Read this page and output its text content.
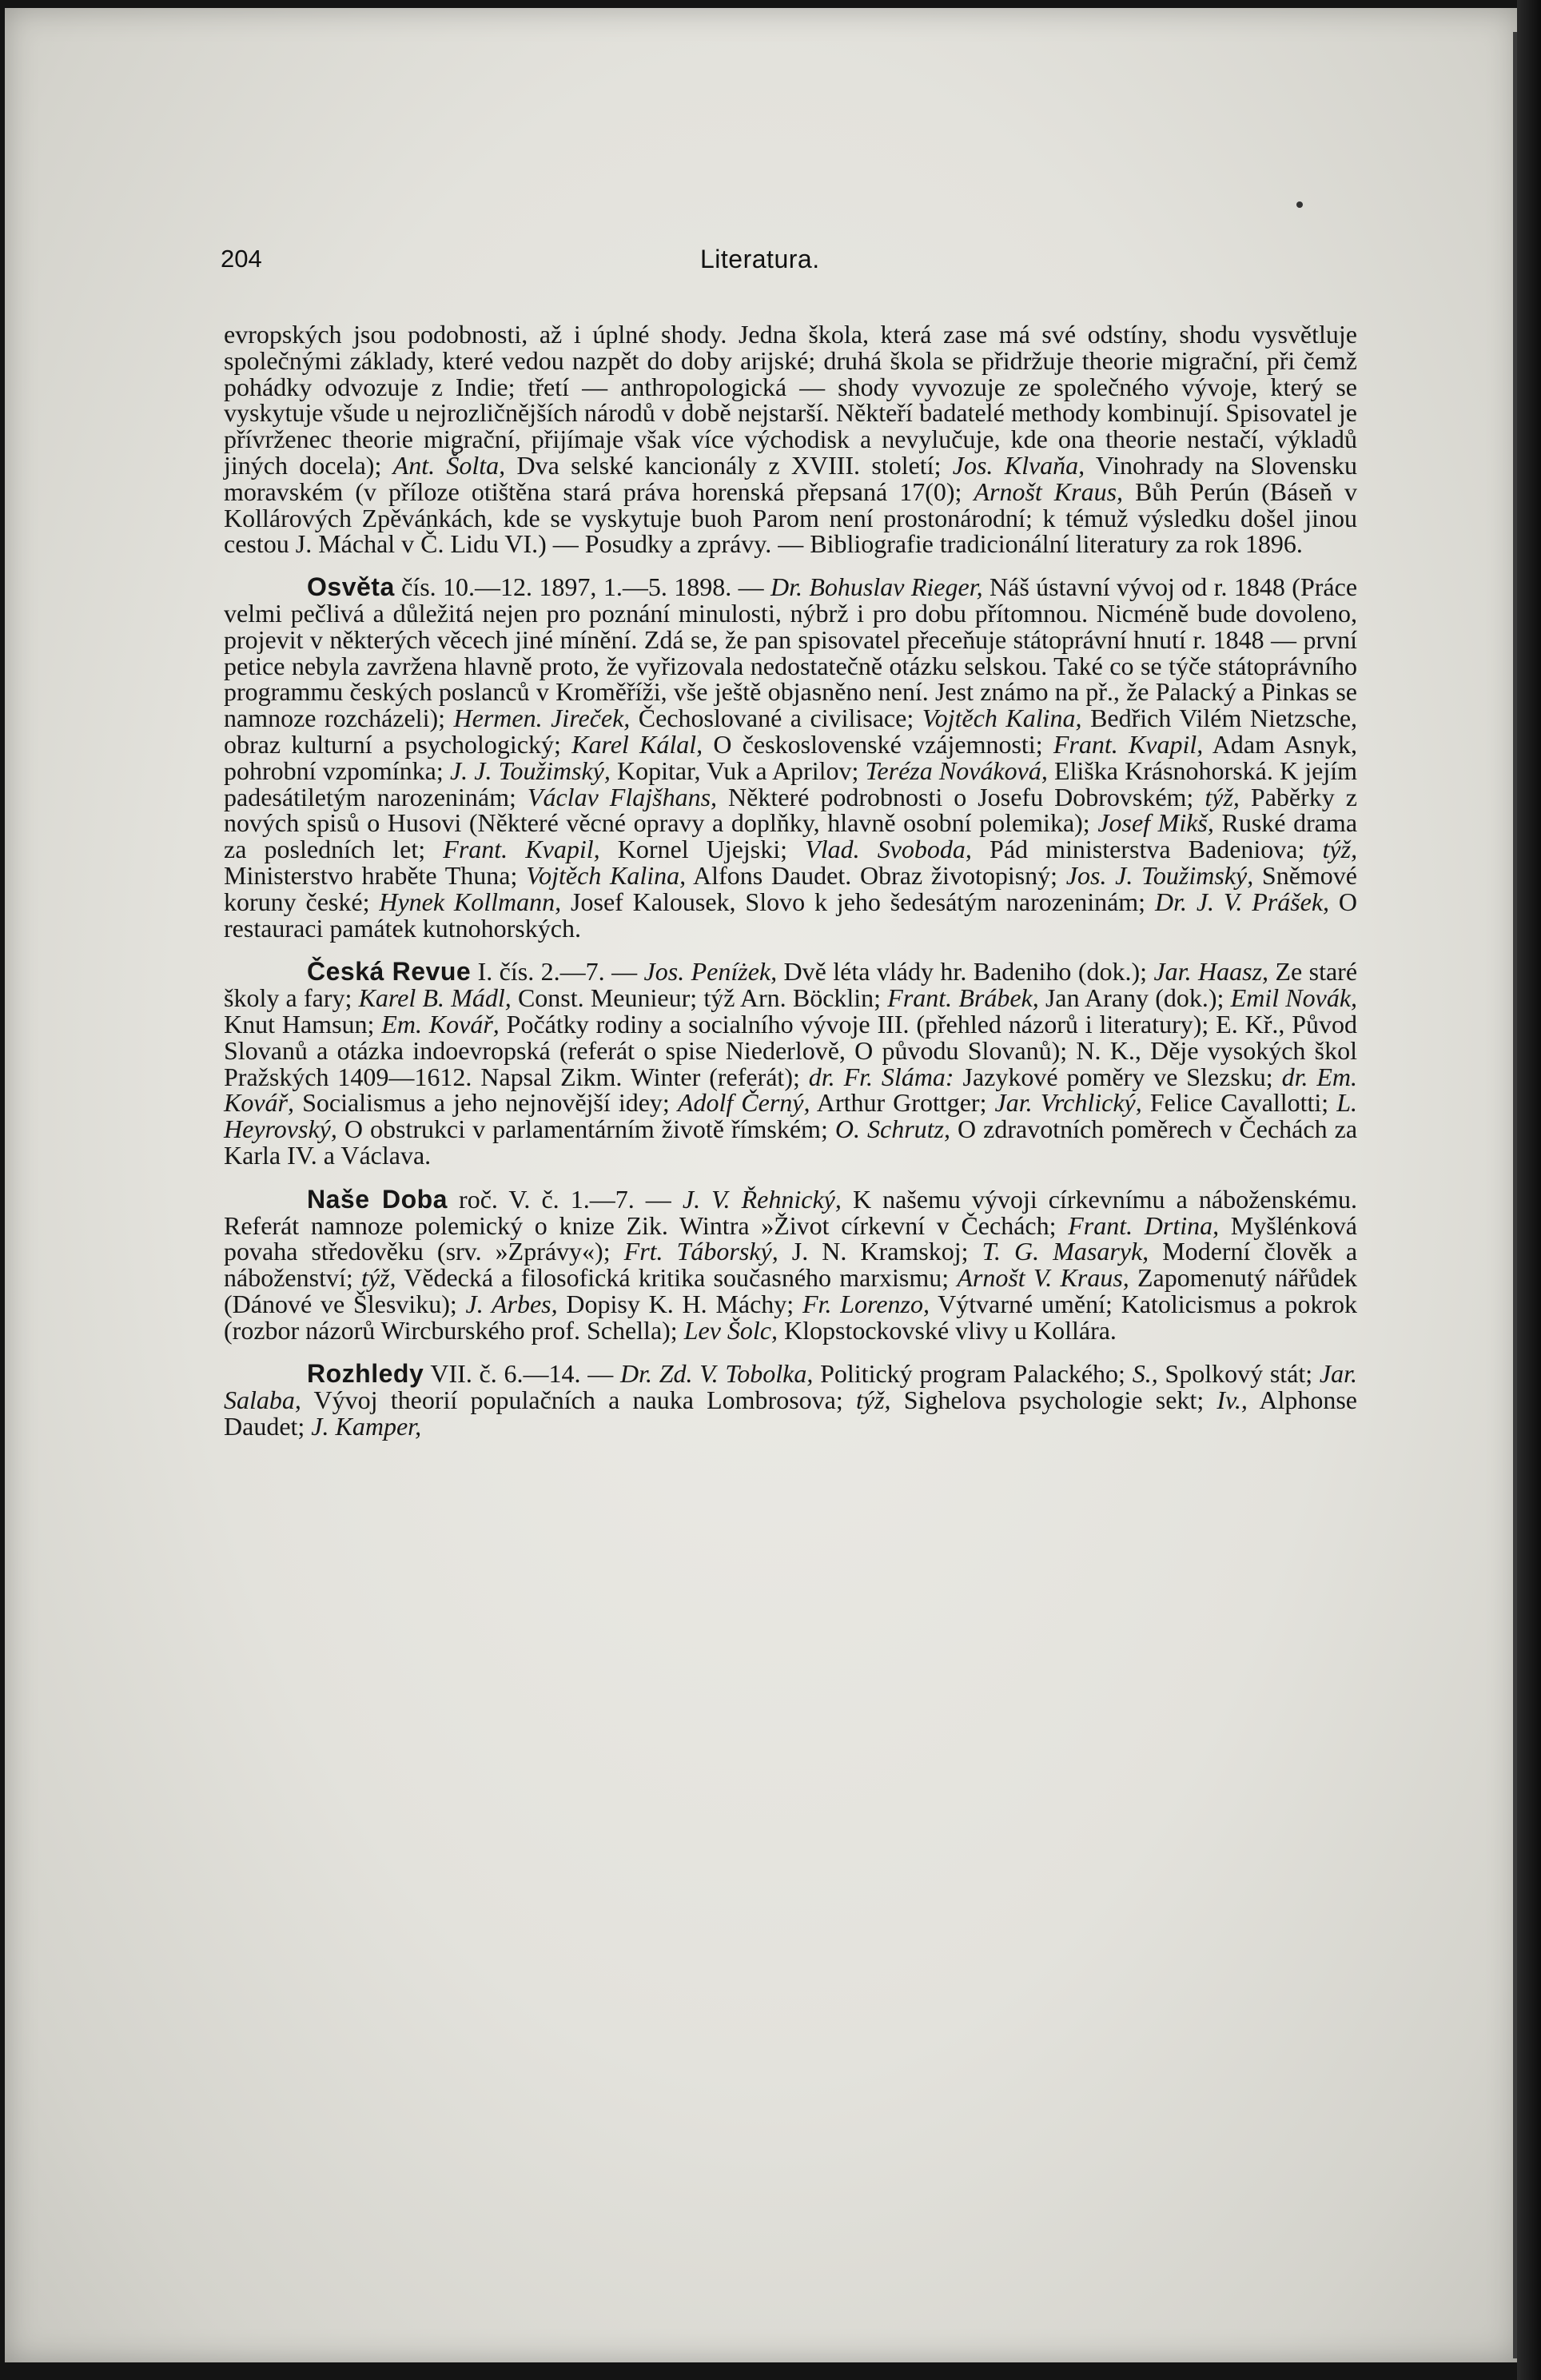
204	Literatura.

evropských jsou podobnosti, až i úplné shody. Jedna škola, která zase má své odstíny, shodu vysvětluje společnými základy, které vedou nazpět do doby arijské; druhá škola se přidržuje theorie migrační, při čemž pohádky odvozuje z Indie; třetí — anthropologická — shody vyvozuje ze společného vývoje, který se vyskytuje všude u nejrozličnějších národů v době nejstarší. Někteří badatelé methody kombinují. Spisovatel je přívrženec theorie migrační, přijímaje však více východisk a nevylučuje, kde ona theorie nestačí, výkladů jiných docela); Ant. Šolta, Dva selské kancionály z XVIII. století; Jos. Klvaňa, Vinohrady na Slovensku moravském (v příloze otištěna stará práva horenská přepsaná 17(0); Arnošt Kraus, Bůh Perún (Báseň v Kollárových Zpěvánkách, kde se vyskytuje buoh Parom není prostonárodní; k témuž výsledku došel jinou cestou J. Máchal v Č. Lidu VI.) — Posudky a zprávy. — Bibliografie tradicionální literatury za rok 1896.

Osvěta čís. 10.—12. 1897, 1.—5. 1898. — Dr. Bohuslav Rieger, Náš ústavní vývoj od r. 1848 (Práce velmi pečlivá a důležitá nejen pro poznání minulosti, nýbrž i pro dobu přítomnou. Nicméně bude dovoleno, projevit v některých věcech jiné mínění. Zdá se, že pan spisovatel přeceňuje státoprávní hnutí r. 1848 — první petice nebyla zavržena hlavně proto, že vyřizovala nedostatečně otázku selskou. Také co se týče státoprávního programmu českých poslanců v Kroměříži, vše ještě objasněno není. Jest známo na př., že Palacký a Pinkas se namnoze rozcházeli); Hermen. Jireček, Čechoslované a civilisace; Vojtěch Kalina, Bedřich Vilém Nietzsche, obraz kulturní a psychologický; Karel Kálal, O československé vzájemnosti; Frant. Kvapil, Adam Asnyk, pohrobní vzpomínka; J. J. Toužimský, Kopitar, Vuk a Aprilov; Teréza Nováková, Eliška Krásnohorská. K jejím padesátiletým narozeninám; Václav Flajšhans, Některé podrobnosti o Josefu Dobrovském; týž, Paběrky z nových spisů o Husovi (Některé věcné opravy a doplňky, hlavně osobní polemika); Josef Mikš, Ruské drama za posledních let; Frant. Kvapil, Kornel Ujejski; Vlad. Svoboda, Pád ministerstva Badeniova; týž, Ministerstvo hraběte Thuna; Vojtěch Kalina, Alfons Daudet. Obraz životopisný; Jos. J. Toužimský, Sněmové koruny české; Hynek Kollmann, Josef Kalousek, Slovo k jeho šedesátým narozeninám; Dr. J. V. Prášek, O restauraci památek kutnohorských.

Česká Revue I. čís. 2.—7. — Jos. Peníżek, Dvě léta vlády hr. Badeniho (dok.); Jar. Haasz, Ze staré školy a fary; Karel B. Mádl, Const. Meunieur; týž Arn. Böcklin; Frant. Brábek, Jan Arany (dok.); Emil Novák, Knut Hamsun; Em. Kovář, Počátky rodiny a socialního vývoje III. (přehled názorů i literatury); E. Kř., Původ Slovanů a otázka indoevropská (referát o spise Niederlově, O původu Slovanů); N. K., Děje vysokých škol Pražských 1409—1612. Napsal Zikm. Winter (referát); dr. Fr. Sláma: Jazykové poměry ve Slezsku; dr. Em. Kovář, Socialismus a jeho nejnovější idey; Adolf Černý, Arthur Grottger; Jar. Vrchlický, Felice Cavallotti; L. Heyrovský, O obstrukci v parlamentárním životě římském; O. Schrutz, O zdravotních poměrech v Čechách za Karla IV. a Václava.

Naše Doba roč. V. č. 1.—7. — J. V. Řehnický, K našemu vývoji církevnímu a náboženskému. Referát namnoze polemický o knize Zik. Wintra »Život církevní v Čechách; Frant. Drtina, Myšlénková povaha středověku (srv. »Zprávy«); Frt. Táborský, J. N. Kramskoj; T. G. Masaryk, Moderní člověk a náboženství; týž, Vědecká a filosofická kritika současného marxismu; Arnošt V. Kraus, Zapomenutý nářůdek (Dánové ve Šlesviku); J. Arbes, Dopisy K. H. Máchy; Fr. Lorenzo, Výtvarné umění; Katolicismus a pokrok (rozbor názorů Wircburského prof. Schella); Lev Šolc, Klopstockovské vlivy u Kollára.

Rozhledy VII. č. 6.—14. — Dr. Zd. V. Tobolka, Politický program Palackého; S., Spolkový stát; Jar. Salaba, Vývoj theorií populačních a nauka Lombrosova; týž, Sighelova psychologie sekt; Iv., Alphonse Daudet; J. Kamper,
